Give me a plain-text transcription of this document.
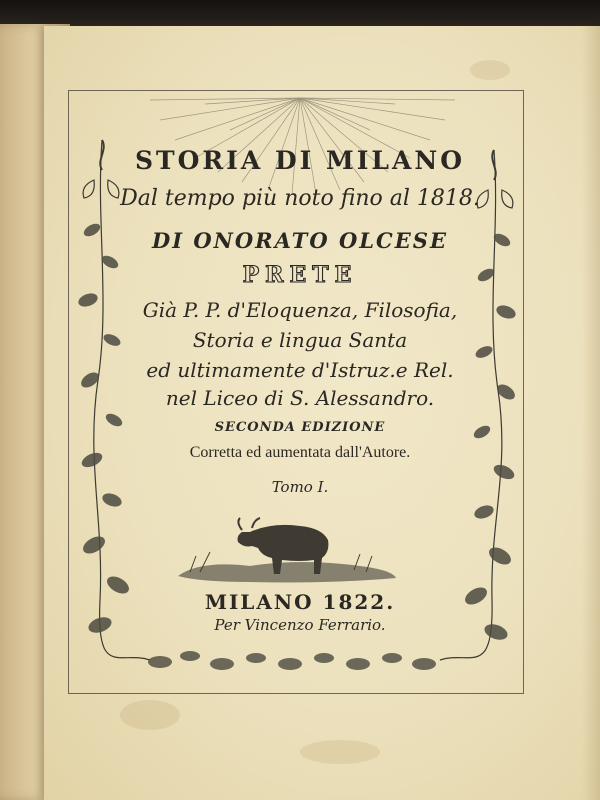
STORIA DI MILANO
Dal tempo più noto fino al 1818.
DI ONORATO OLCESE
PRETE
Già P. P. d'Eloquenza, Filosofia,
Storia e lingua Santa
ed ultimamente d'Istruz.e Rel.
nel Liceo di S. Alessandro.
SECONDA EDIZIONE
Corretta ed aumentata dall'Autore.
Tomo I.
MILANO 1822.
Per Vincenzo Ferrario.
